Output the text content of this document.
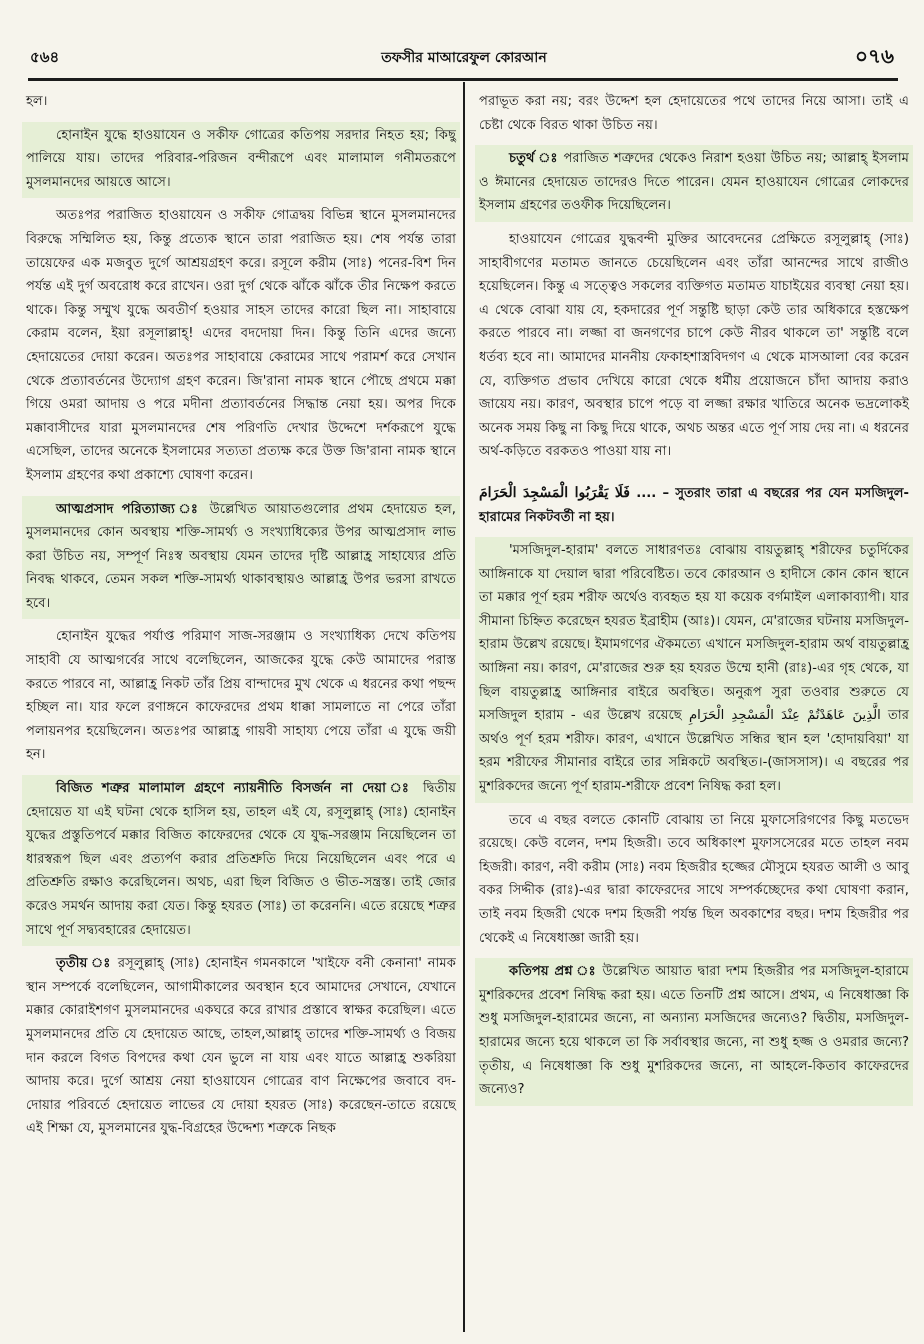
৫৬৪	তফসীর মাআরেফুল কোরআন	০৭৬

হল।

হোনাইন যুদ্ধে হাওয়াযেন ও সকীফ গোত্রের কতিপয় সরদার নিহত হয়; কিছু পালিয়ে যায়। তাদের পরিবার-পরিজন বন্দীরূপে এবং মালামাল গনীমতরূপে মুসলমানদের আয়ত্তে আসে।

অতঃপর পরাজিত হাওয়াযেন ও সকীফ গোত্রদ্বয় বিভিন্ন স্থানে মুসলমানদের বিরুদ্ধে সম্মিলিত হয়, কিন্তু প্রত্যেক স্থানে তারা পরাজিত হয়। শেষ পর্যন্ত তারা তায়েফের এক মজবুত দুর্গে আশ্রয়গ্রহণ করে। রসূলে করীম (সাঃ) পনের-বিশ দিন পর্যন্ত এই দুর্গ অবরোধ করে রাখেন। ওরা দুর্গ থেকে ঝাঁকে ঝাঁকে তীর নিক্ষেপ করতে থাকে। কিন্তু সম্মুখ যুদ্ধে অবতীর্ণ হওয়ার সাহস তাদের কারো ছিল না। সাহাবায়ে কেরাম বলেন, ইয়া রসূলাল্লাহ্! এদের বদদোয়া দিন। কিন্তু তিনি এদের জন্যে হেদায়েতের দোয়া করেন। অতঃপর সাহাবায়ে কেরামের সাথে পরামর্শ করে সেখান থেকে প্রত্যাবর্তনের উদ্যোগ গ্রহণ করেন। জি'রানা নামক স্থানে পৌছে প্রথমে মক্কা গিয়ে ওমরা আদায় ও পরে মদীনা প্রত্যাবর্তনের সিদ্ধান্ত নেয়া হয়। অপর দিকে মক্কাবাসীদের যারা মুসলমানদের শেষ পরিণতি দেখার উদ্দেশে দর্শকরূপে যুদ্ধে এসেছিল, তাদের অনেকে ইসলামের সত্যতা প্রত্যক্ষ করে উক্ত জি'রানা নামক স্থানে ইসলাম গ্রহণের কথা প্রকাশ্যে ঘোষণা করেন।

আত্মপ্রসাদ পরিত্যাজ্য ঃ উল্লেখিত আয়াতগুলোর প্রথম হেদায়েত হল, মুসলমানদের কোন অবস্থায় শক্তি-সামর্থ্য ও সংখ্যাধিক্যের উপর আত্মপ্রসাদ লাভ করা উচিত নয়, সম্পূর্ণ নিঃস্ব অবস্থায় যেমন তাদের দৃষ্টি আল্লাহ্র সাহায্যের প্রতি নিবদ্ধ থাকবে, তেমন সকল শক্তি-সামর্থ্য থাকাবস্থায়ও আল্লাহ্র উপর ভরসা রাখতে হবে।

হোনাইন যুদ্ধের পর্যাপ্ত পরিমাণ সাজ-সরঞ্জাম ও সংখ্যাধিক্য দেখে কতিপয় সাহাবী যে আত্মগর্বের সাথে বলেছিলেন, আজকের যুদ্ধে কেউ আমাদের পরাস্ত করতে পারবে না, আল্লাহ্র নিকট তাঁর প্রিয় বান্দাদের মুখ থেকে এ ধরনের কথা পছন্দ হচ্ছিল না। যার ফলে রণাঙ্গনে কাফেরদের প্রথম ধাক্কা সামলাতে না পেরে তাঁরা পলায়নপর হয়েছিলেন। অতঃপর আল্লাহ্র গায়বী সাহায্য পেয়ে তাঁরা এ যুদ্ধে জয়ী হন।

বিজিত শত্রুর মালামাল গ্রহণে ন্যায়নীতি বিসর্জন না দেয়া ঃ দ্বিতীয় হেদায়েত যা এই ঘটনা থেকে হাসিল হয়, তাহল এই যে, রসূলুল্লাহ্ (সাঃ) হোনাইন যুদ্ধের প্রস্তুতিপর্বে মক্কার বিজিত কাফেরদের থেকে যে যুদ্ধ-সরঞ্জাম নিয়েছিলেন তা ধারস্বরূপ ছিল এবং প্রত্যর্পণ করার প্রতিশ্রুতি দিয়ে নিয়েছিলেন এবং পরে এ প্রতিশ্রুতি রক্ষাও করেছিলেন। অথচ, এরা ছিল বিজিত ও ভীত-সন্ত্রস্ত। তাই জোর করেও সমর্থন আদায় করা যেত। কিন্তু হযরত (সাঃ) তা করেননি। এতে রয়েছে শত্রুর সাথে পূর্ণ সদ্ব্যবহারের হেদায়েত।

তৃতীয় ঃ রসূলুল্লাহ্ (সাঃ) হোনাইন গমনকালে 'খাইফে বনী কেনানা' নামক স্থান সম্পর্কে বলেছিলেন, আগামীকালের অবস্থান হবে আমাদের সেখানে, যেখানে মক্কার কোরাইশগণ মুসলমানদের একঘরে করে রাখার প্রস্তাবে স্বাক্ষর করেছিল। এতে মুসলমানদের প্রতি যে হেদায়েত আছে, তাহল,আল্লাহ্ তাদের শক্তি-সামর্থ্য ও বিজয় দান করলে বিগত বিপদের কথা যেন ভুলে না যায় এবং যাতে আল্লাহ্র শুকরিয়া আদায় করে। দুর্গে আশ্রয় নেয়া হাওয়াযেন গোত্রের বাণ নিক্ষেপের জবাবে বদ-দোয়ার পরিবর্তে হেদায়েত লাভের যে দোয়া হযরত (সাঃ) করেছেন-তাতে রয়েছে এই শিক্ষা যে, মুসলমানের যুদ্ধ-বিগ্রহের উদ্দেশ্য শত্রুকে নিছক

পরাভূত করা নয়; বরং উদ্দেশ হল হেদায়েতের পথে তাদের নিয়ে আসা। তাই এ চেষ্টা থেকে বিরত থাকা উচিত নয়।

চতুর্থ ঃ পরাজিত শত্রুদের থেকেও নিরাশ হওয়া উচিত নয়; আল্লাহ্ ইসলাম ও ঈমানের হেদায়েত তাদেরও দিতে পারেন। যেমন হাওয়াযেন গোত্রের লোকদের ইসলাম গ্রহণের তওফীক দিয়েছিলেন।

হাওয়াযেন গোত্রের যুদ্ধবন্দী মুক্তির আবেদনের প্রেক্ষিতে রসূলুল্লাহ্ (সাঃ) সাহাবীগণের মতামত জানতে চেয়েছিলেন এবং তাঁরা আনন্দের সাথে রাজীও হয়েছিলেন। কিন্তু এ সত্ত্বেও সকলের ব্যক্তিগত মতামত যাচাইয়ের ব্যবস্থা নেয়া হয়। এ থেকে বোঝা যায় যে, হকদারের পূর্ণ সন্তুষ্টি ছাড়া কেউ তার অধিকারে হস্তক্ষেপ করতে পারবে না। লজ্জা বা জনগণের চাপে কেউ নীরব থাকলে তা' সন্তুষ্টি বলে ধর্তব্য হবে না। আমাদের মাননীয় ফেকাহশাস্ত্রবিদগণ এ থেকে মাসআলা বের করেন যে, ব্যক্তিগত প্রভাব দেখিয়ে কারো থেকে ধর্মীয় প্রয়োজনে চাঁদা আদায় করাও জায়েয নয়। কারণ, অবস্থার চাপে পড়ে বা লজ্জা রক্ষার খাতিরে অনেক ভদ্রলোকই অনেক সময় কিছু না কিছু দিয়ে থাকে, অথচ অন্তর এতে পূর্ণ সায় দেয় না। এ ধরনের অর্থ-কড়িতে বরকতও পাওয়া যায় না।

فَلَا يَقْرَبُوا الْمَسْجِدَ الْحَرَامَ .... – সুতরাং তারা এ বছরের পর যেন মসজিদুল-হারামের নিকটবর্তী না হয়।

'মসজিদুল-হারাম' বলতে সাধারণতঃ বোঝায় বায়তুল্লাহ্ শরীফের চতুর্দিকের আঙ্গিনাকে যা দেয়াল দ্বারা পরিবেষ্টিত। তবে কোরআন ও হাদীসে কোন কোন স্থানে তা মক্কার পূর্ণ হরম শরীফ অর্থেও ব্যবহৃত হয় যা কয়েক বর্গমাইল এলাকাব্যাপী। যার সীমানা চিহ্নিত করেছেন হযরত ইব্রাহীম (আঃ)। যেমন, মে'রাজের ঘটনায় মসজিদুল-হারাম উল্লেখ রয়েছে। ইমামগণের ঐকমত্যে এখানে মসজিদুল-হারাম অর্থ বায়তুল্লাহ্র আঙ্গিনা নয়। কারণ, মে'রাজের শুরু হয় হযরত উম্মে হানী (রাঃ)-এর গৃহ থেকে, যা ছিল বায়তুল্লাহ্র আঙ্গিনার বাইরে অবস্থিত। অনুরূপ সুরা তওবার শুরুতে যে মসজিদুল হারাম - এর উল্লেখ রয়েছে الَّذِينَ عَاهَدْتُمْ عِنْدَ الْمَسْجِدِ الْحَرَامِ তার অর্থও পূর্ণ হরম শরীফ। কারণ, এখানে উল্লেখিত সন্ধির স্থান হল 'হোদায়বিয়া' যা হরম শরীফের সীমানার বাইরে তার সন্নিকটে অবস্থিত।-(জাসসাস)। এ বছরের পর মুশরিকদের জন্যে পূর্ণ হারাম-শরীফে প্রবেশ নিষিদ্ধ করা হল।

তবে এ বছর বলতে কোনটি বোঝায় তা নিয়ে মুফাসেরিগণের কিছু মতভেদ রয়েছে। কেউ বলেন, দশম হিজরী। তবে অধিকাংশ মুফাসসেরের মতে তাহল নবম হিজরী। কারণ, নবী করীম (সাঃ) নবম হিজরীর হজ্জের মৌসুমে হযরত আলী ও আবু বকর সিদ্দীক (রাঃ)-এর দ্বারা কাফেরদের সাথে সম্পর্কচ্ছেদের কথা ঘোষণা করান, তাই নবম হিজরী থেকে দশম হিজরী পর্যন্ত ছিল অবকাশের বছর। দশম হিজরীর পর থেকেই এ নিষেধাজ্ঞা জারী হয়।

কতিপয় প্রশ্ন ঃ উল্লেখিত আয়াত দ্বারা দশম হিজরীর পর মসজিদুল-হারামে মুশরিকদের প্রবেশ নিষিদ্ধ করা হয়। এতে তিনটি প্রশ্ন আসে। প্রথম, এ নিষেধাজ্ঞা কি শুধু মসজিদুল-হারামের জন্যে, না অন্যান্য মসজিদের জন্যেও? দ্বিতীয়, মসজিদুল-হারামের জন্যে হয়ে থাকলে তা কি সর্বাবস্থার জন্যে, না শুধু হজ্জ ও ওমরার জন্যে? তৃতীয়, এ নিষেধাজ্ঞা কি শুধু মুশরিকদের জন্যে, না আহলে-কিতাব কাফেরদের জন্যেও?
